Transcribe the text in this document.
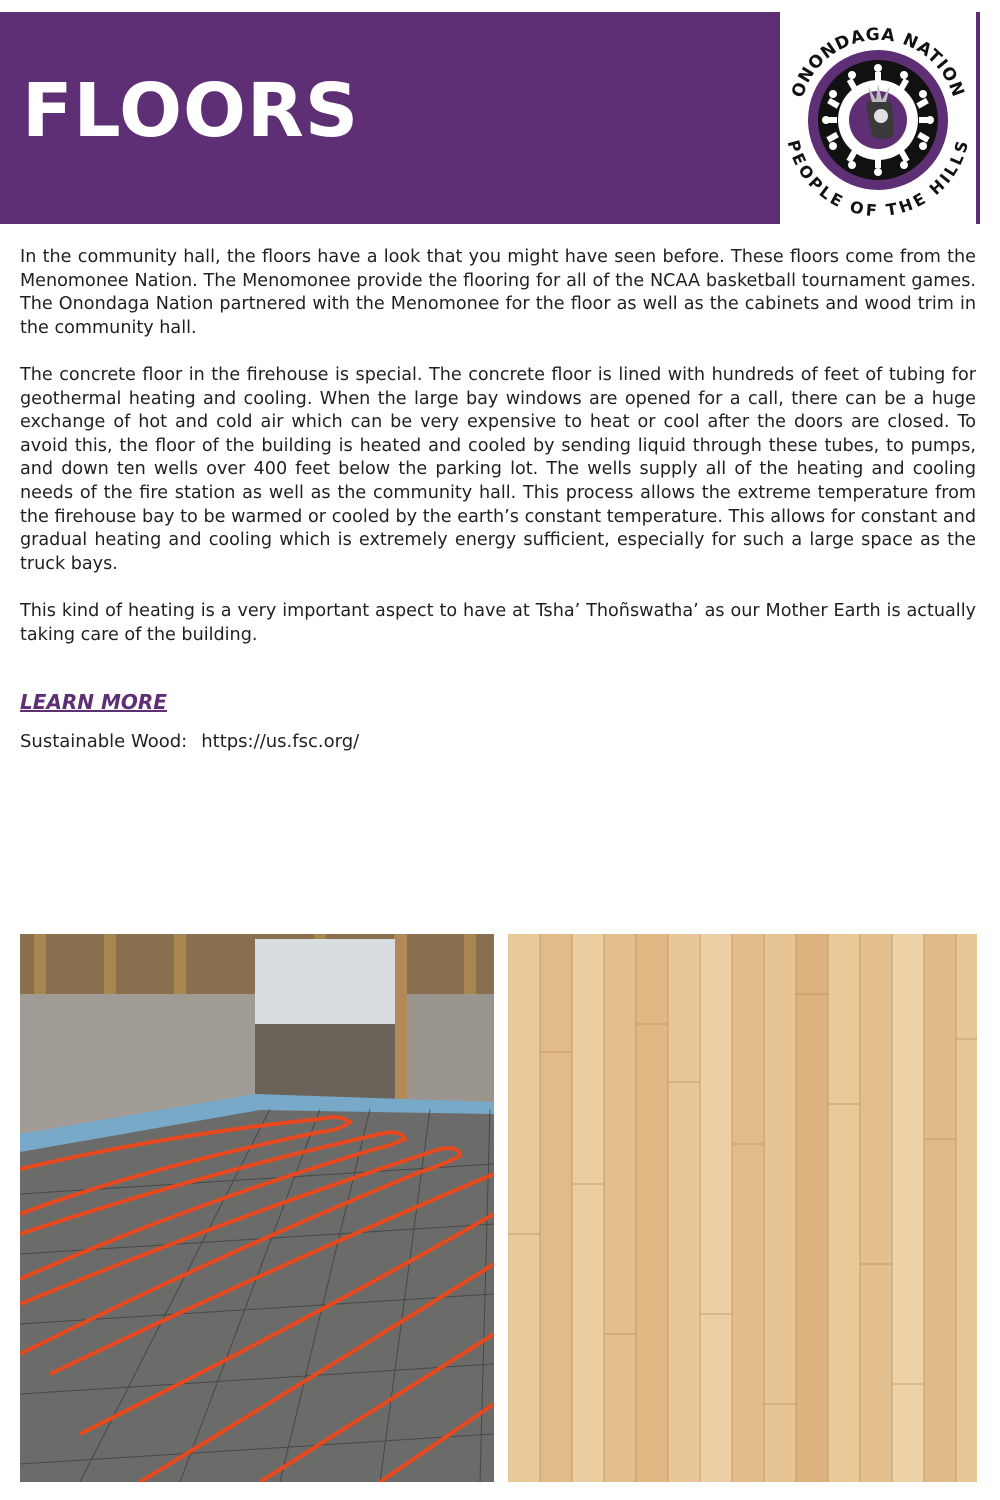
FLOORS	ONONDAGA NATION
PEOPLE OF THE HILLS

In the community hall, the floors have a look that you might have seen before. These floors come from the Menomonee Nation. The Menomonee provide the flooring for all of the NCAA basketball tournament games. The Onondaga Nation partnered with the Menomonee for the floor as well as the cabinets and wood trim in the community hall.

The concrete floor in the firehouse is special. The concrete floor is lined with hundreds of feet of tubing for geothermal heating and cooling. When the large bay windows are opened for a call, there can be a huge exchange of hot and cold air which can be very expensive to heat or cool after the doors are closed. To avoid this, the floor of the building is heated and cooled by sending liquid through these tubes, to pumps, and down ten wells over 400 feet below the parking lot. The wells supply all of the heating and cooling needs of the fire station as well as the community hall. This process allows the extreme temperature from the firehouse bay to be warmed or cooled by the earth’s constant temperature. This allows for constant and gradual heating and cooling which is extremely energy sufficient, especially for such a large space as the truck bays.

This kind of heating is a very important aspect to have at Tsha’ Thoñswatha’ as our Mother Earth is actually taking care of the building.

LEARN MORE
Sustainable Wood: https://us.fsc.org/
